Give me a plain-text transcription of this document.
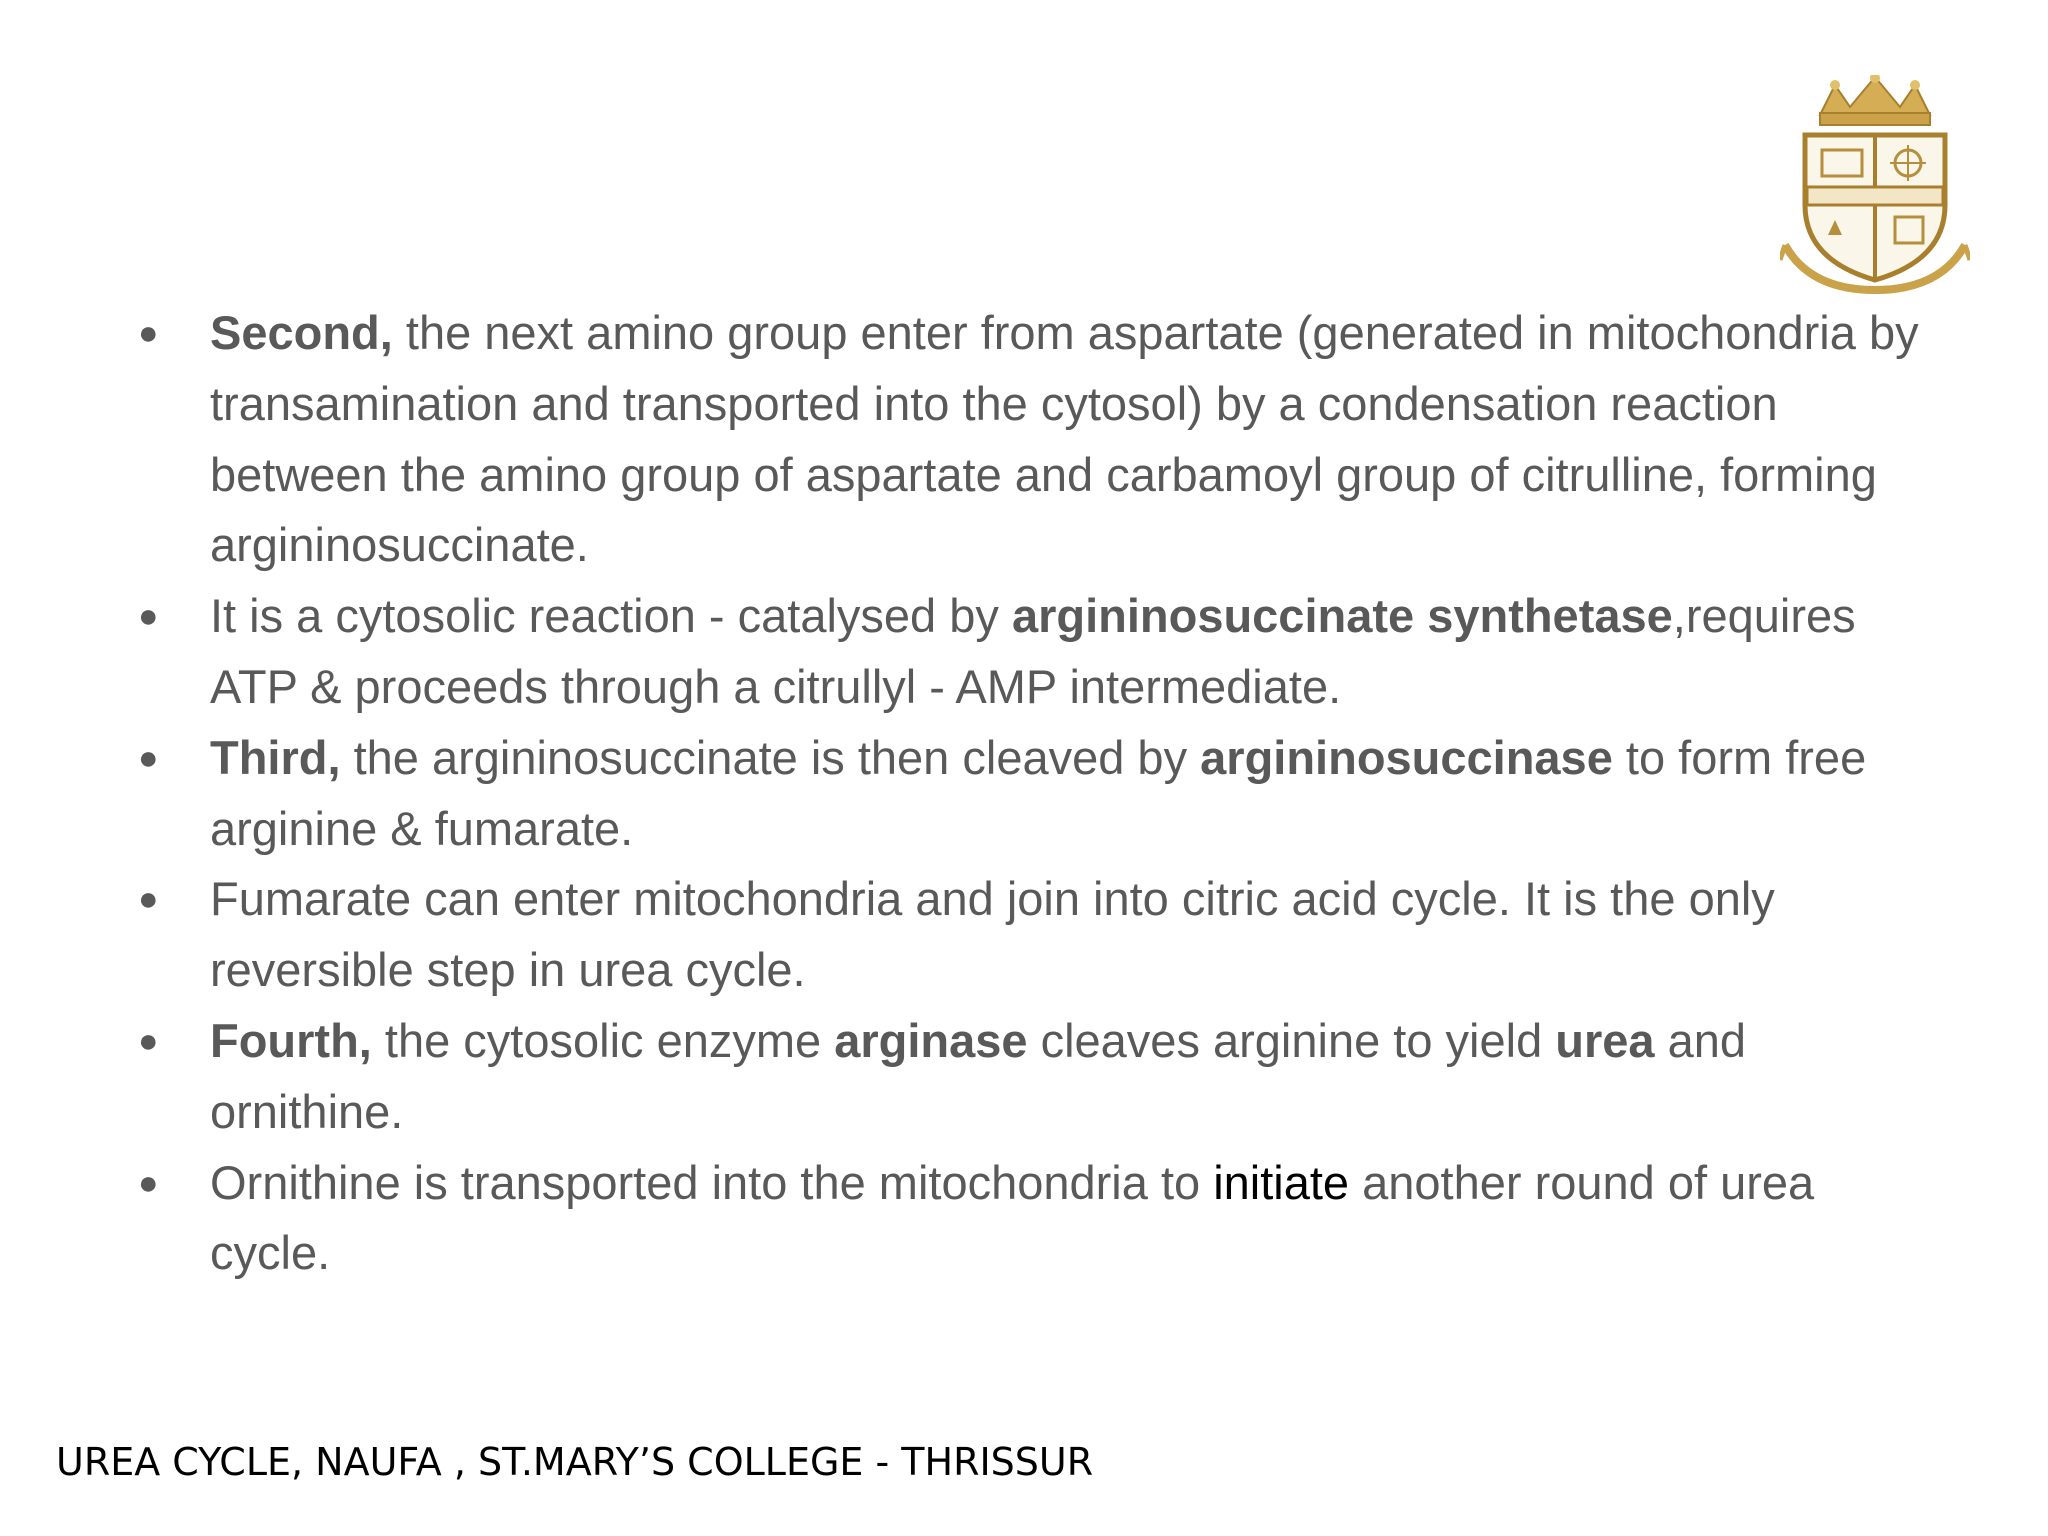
● Second, the next amino group enter from aspartate (generated in mitochondria by transamination and transported into the cytosol) by a condensation reaction between the amino group of aspartate and carbamoyl group of citrulline, forming argininosuccinate.
● It is a cytosolic reaction - catalysed by argininosuccinate synthetase,requires ATP & proceeds through a citrullyl - AMP intermediate.
● Third, the argininosuccinate is then cleaved by argininosuccinase to form free arginine & fumarate.
● Fumarate can enter mitochondria and join into citric acid cycle. It is the only reversible step in urea cycle.
● Fourth, the cytosolic enzyme arginase cleaves arginine to yield urea and ornithine.
● Ornithine is transported into the mitochondria to initiate another round of urea cycle.
UREA CYCLE, NAUFA , ST.MARY’S COLLEGE - THRISSUR
